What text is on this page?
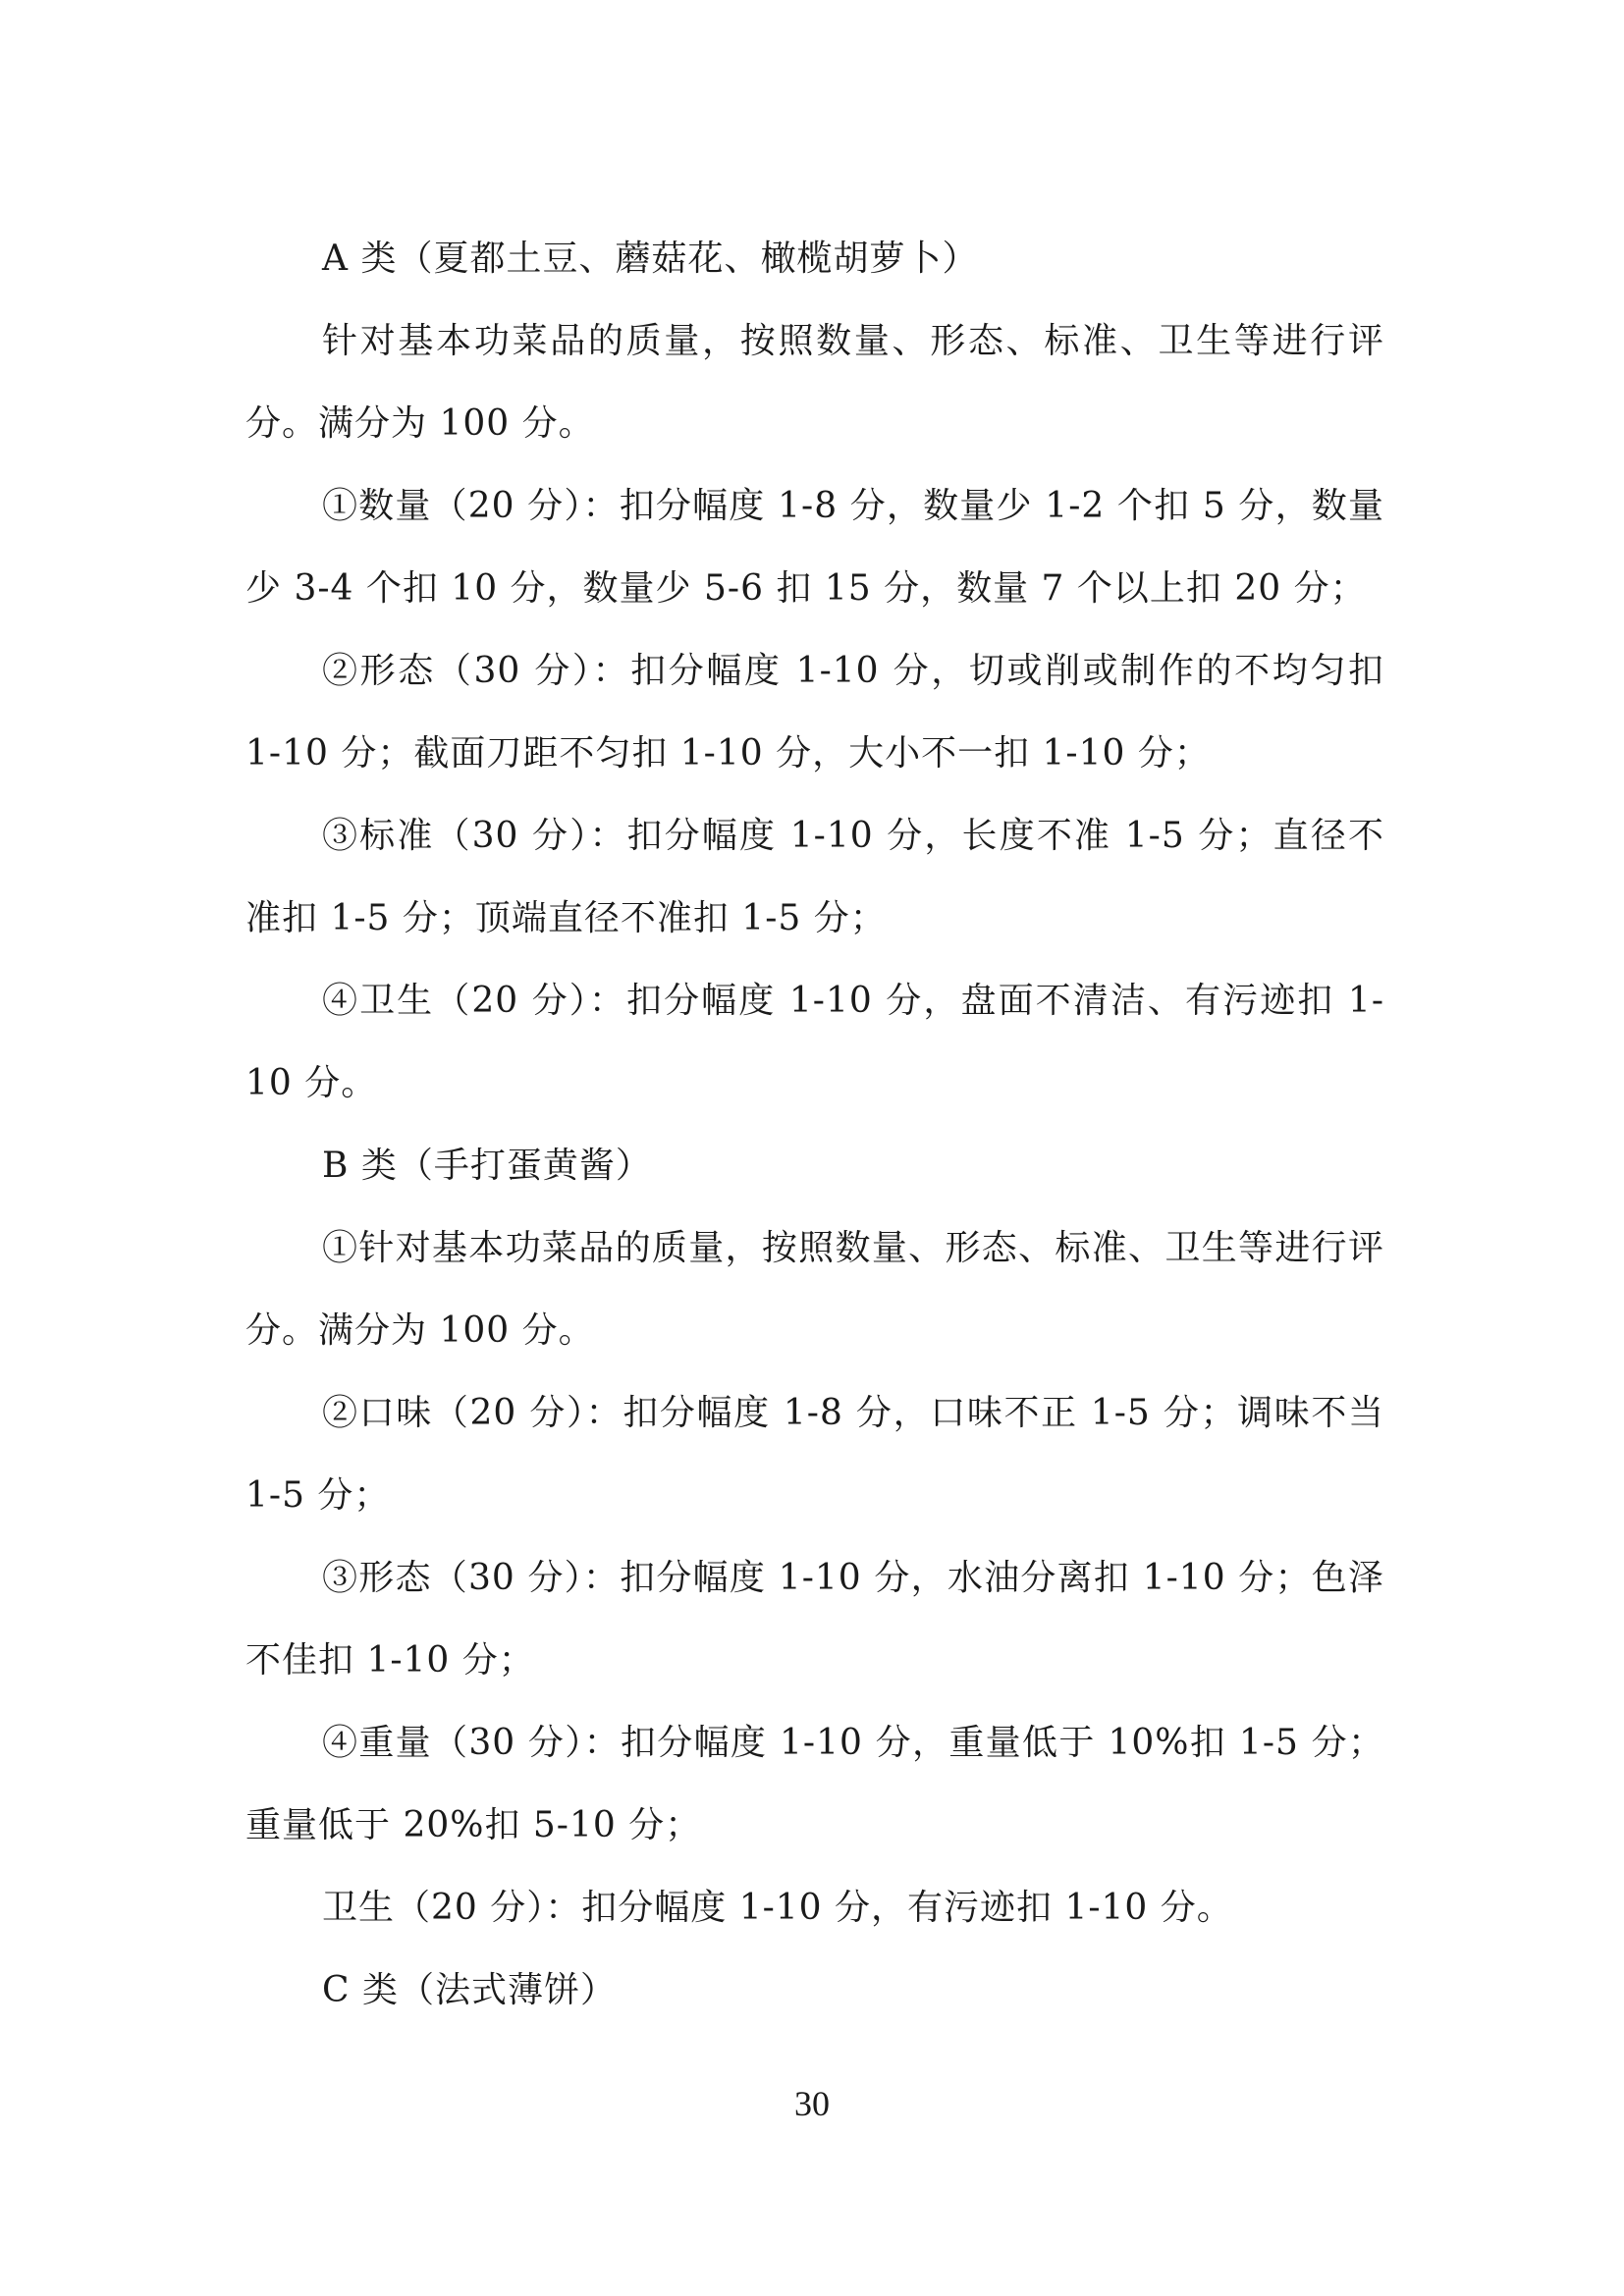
A 类（夏都土豆、蘑菇花、橄榄胡萝卜）

针对基本功菜品的质量，按照数量、形态、标准、卫生等进行评分。满分为 100 分。

①数量（20 分）：扣分幅度 1-8 分，数量少 1-2 个扣 5 分，数量少 3-4 个扣 10 分，数量少 5-6 扣 15 分，数量 7 个以上扣 20 分；

②形态（30 分）：扣分幅度 1-10 分，切或削或制作的不均匀扣 1-10 分；截面刀距不匀扣 1-10 分，大小不一扣 1-10 分；

③标准（30 分）：扣分幅度 1-10 分，长度不准 1-5 分；直径不准扣 1-5 分；顶端直径不准扣 1-5 分；

④卫生（20 分）：扣分幅度 1-10 分，盘面不清洁、有污迹扣 1-10 分。

B 类（手打蛋黄酱）

①针对基本功菜品的质量，按照数量、形态、标准、卫生等进行评分。满分为 100 分。

②口味（20 分）：扣分幅度 1-8 分，口味不正 1-5 分；调味不当 1-5 分；

③形态（30 分）：扣分幅度 1-10 分，水油分离扣 1-10 分；色泽不佳扣 1-10 分；

④重量（30 分）：扣分幅度 1-10 分，重量低于 10%扣 1-5 分；重量低于 20%扣 5-10 分；

卫生（20 分）：扣分幅度 1-10 分，有污迹扣 1-10 分。

C 类（法式薄饼）

30
